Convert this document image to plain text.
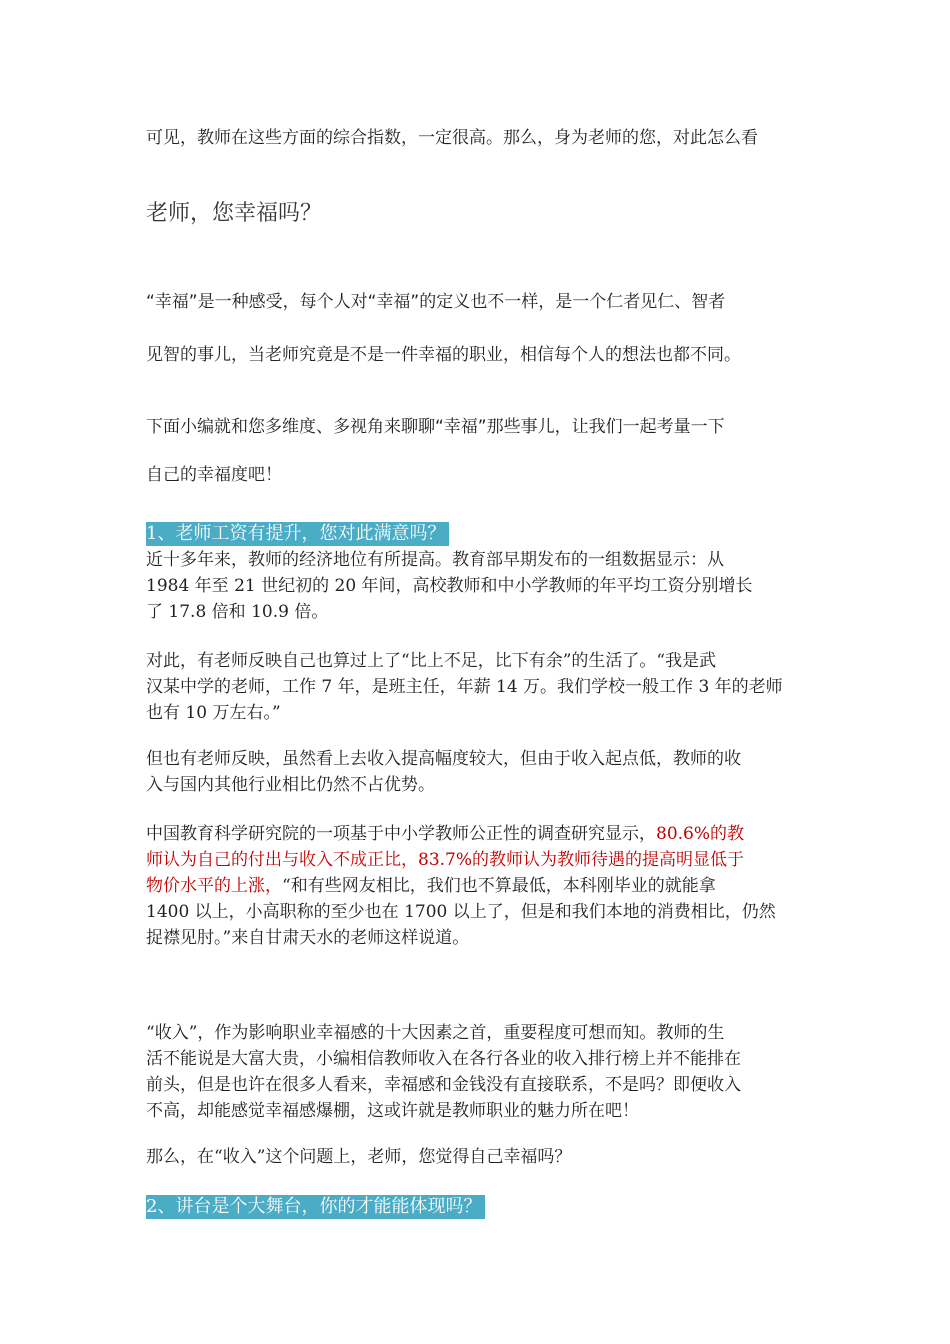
可见，教师在这些方面的综合指数，一定很高。那么，身为老师的您，对此怎么看
老师，您幸福吗？
“幸福”是一种感受，每个人对“幸福”的定义也不一样，是一个仁者见仁、智者
见智的事儿，当老师究竟是不是一件幸福的职业，相信每个人的想法也都不同。
下面小编就和您多维度、多视角来聊聊“幸福”那些事儿，让我们一起考量一下
自己的幸福度吧！
1、老师工资有提升，您对此满意吗？
近十多年来，教师的经济地位有所提高。教育部早期发布的一组数据显示：从
1984 年至 21 世纪初的 20 年间，高校教师和中小学教师的年平均工资分别增长
了 17.8 倍和 10.9 倍。
对此，有老师反映自己也算过上了“比上不足，比下有余”的生活了。“我是武
汉某中学的老师，工作 7 年，是班主任，年薪 14 万。我们学校一般工作 3 年的老师
也有 10 万左右。”
但也有老师反映，虽然看上去收入提高幅度较大，但由于收入起点低，教师的收
入与国内其他行业相比仍然不占优势。
中国教育科学研究院的一项基于中小学教师公正性的调查研究显示，80.6%的教
师认为自己的付出与收入不成正比，83.7%的教师认为教师待遇的提高明显低于
物价水平的上涨，“和有些网友相比，我们也不算最低，本科刚毕业的就能拿
1400 以上，小高职称的至少也在 1700 以上了，但是和我们本地的消费相比，仍然
捉襟见肘。”来自甘肃天水的老师这样说道。
“收入”，作为影响职业幸福感的十大因素之首，重要程度可想而知。教师的生
活不能说是大富大贵，小编相信教师收入在各行各业的收入排行榜上并不能排在
前头，但是也许在很多人看来，幸福感和金钱没有直接联系，不是吗？即便收入
不高，却能感觉幸福感爆棚，这或许就是教师职业的魅力所在吧！
那么，在“收入”这个问题上，老师，您觉得自己幸福吗？
2、讲台是个大舞台，你的才能能体现吗？
